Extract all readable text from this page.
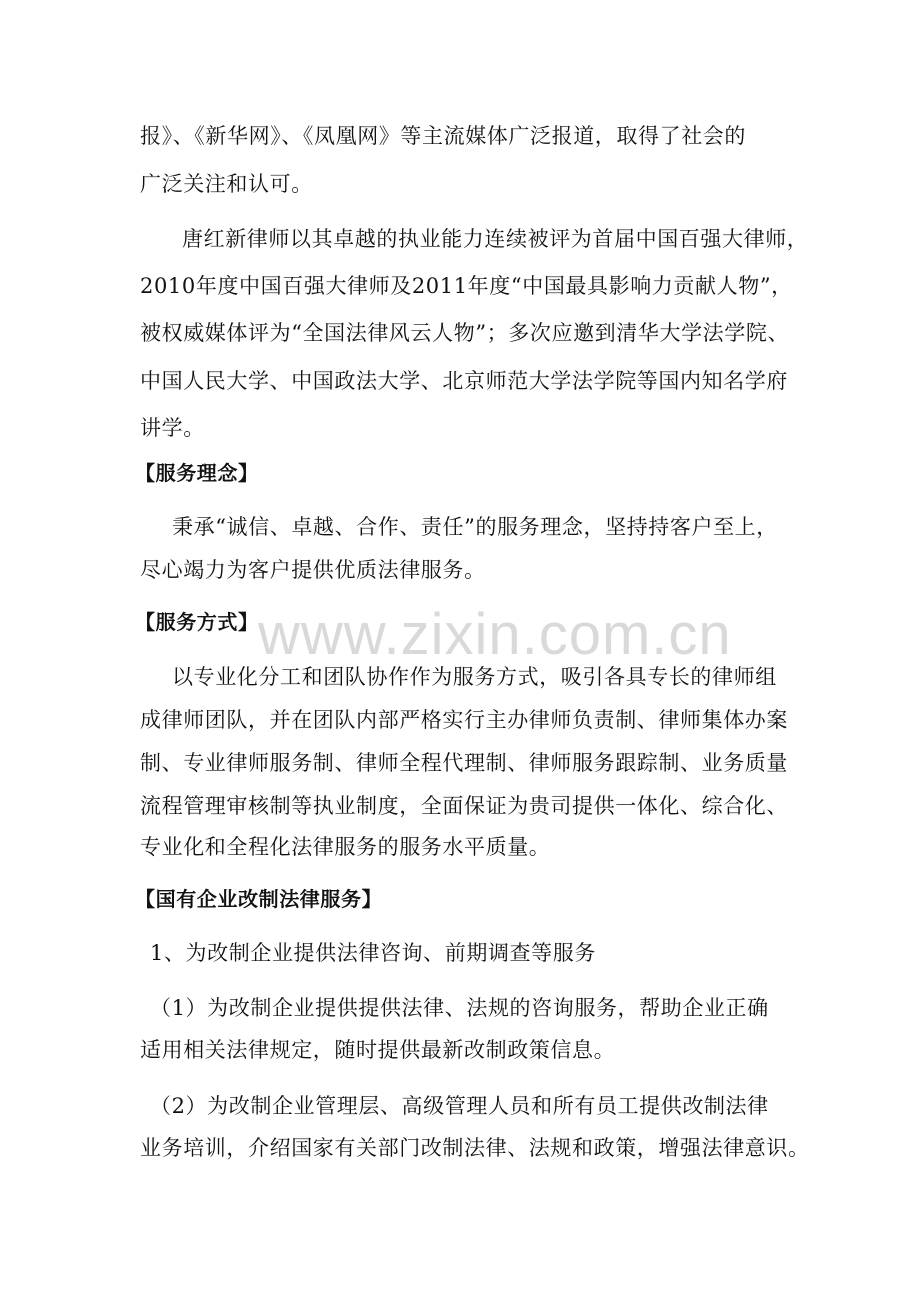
报》、《新华网》、《凤凰网》等主流媒体广泛报道，取得了社会的

广泛关注和认可。

唐红新律师以其卓越的执业能力连续被评为首届中国百强大律师，

2010年度中国百强大律师及2011年度“中国最具影响力贡献人物”，

被权威媒体评为“全国法律风云人物”；多次应邀到清华大学法学院、

中国人民大学、中国政法大学、北京师范大学法学院等国内知名学府

讲学。

【服务理念】

秉承“诚信、卓越、合作、责任”的服务理念，坚持持客户至上，

尽心竭力为客户提供优质法律服务。

【服务方式】

以专业化分工和团队协作作为服务方式，吸引各具专长的律师组

成律师团队，并在团队内部严格实行主办律师负责制、律师集体办案

制、专业律师服务制、律师全程代理制、律师服务跟踪制、业务质量

流程管理审核制等执业制度，全面保证为贵司提供一体化、综合化、

专业化和全程化法律服务的服务水平质量。

【国有企业改制法律服务】

1、为改制企业提供法律咨询、前期调查等服务

（1）为改制企业提供提供法律、法规的咨询服务，帮助企业正确

适用相关法律规定，随时提供最新改制政策信息。

（2）为改制企业管理层、高级管理人员和所有员工提供改制法律

业务培训，介绍国家有关部门改制法律、法规和政策，增强法律意识。

www.zixin.com.cn
